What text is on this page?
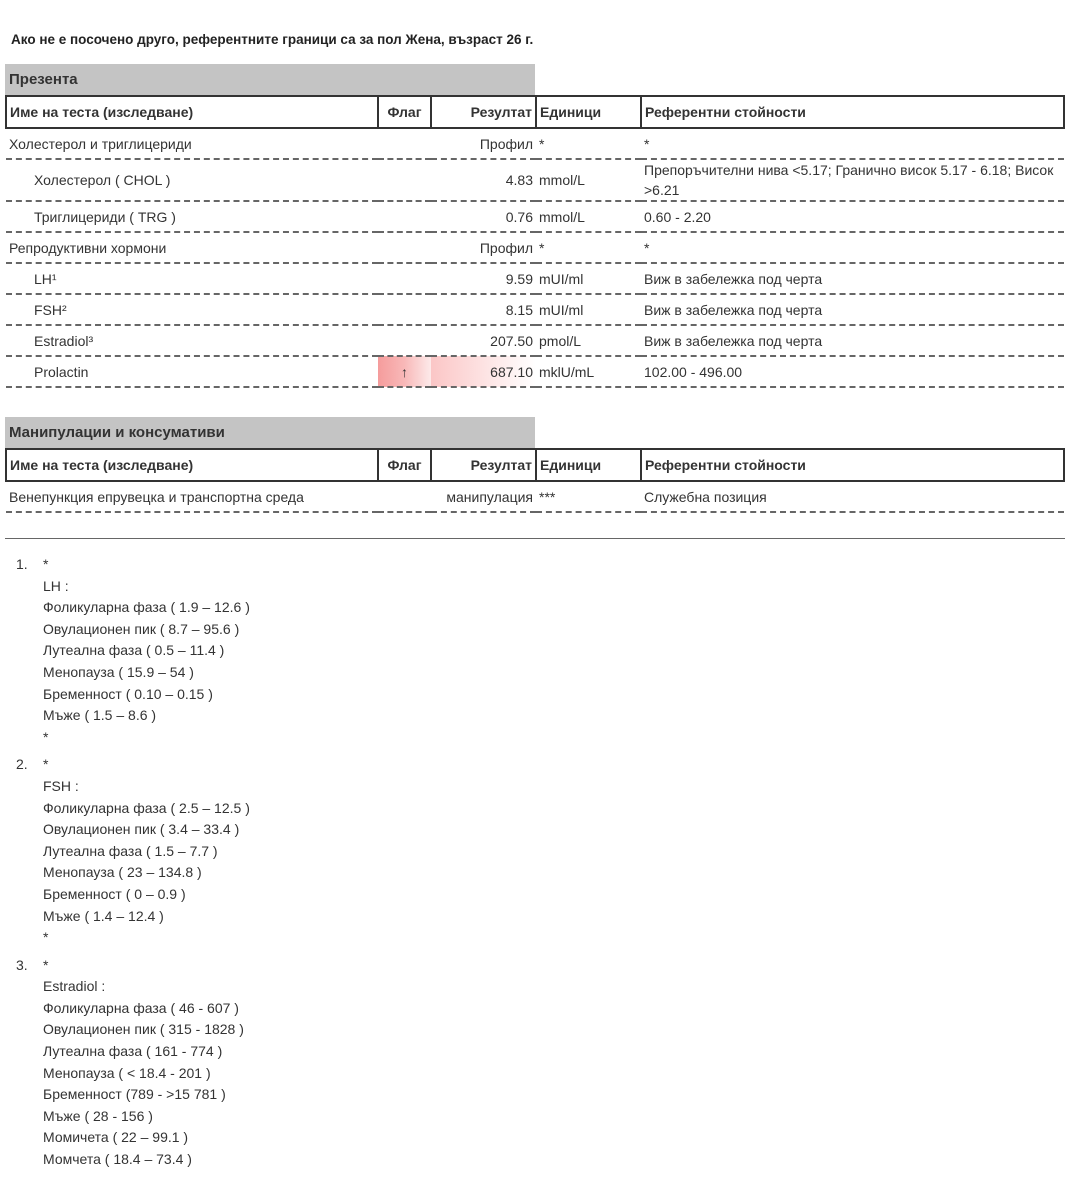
Ако не е посочено друго, референтните граници са за пол Жена, възраст 26 г.
Презента
Име на теста (изследване)	Флаг	Резултат	Единици	Референтни стойности
Холестерол и триглицериди		Профил	*	*
Холестерол ( CHOL )		4.83	mmol/L	Препоръчителни нива <5.17; Гранично висок 5.17 - 6.18; Висок >6.21
Триглицериди ( TRG )		0.76	mmol/L	0.60 - 2.20
Репродуктивни хормони		Профил	*	*
LH¹		9.59	mUI/ml	Виж в забележка под черта
FSH²		8.15	mUI/ml	Виж в забележка под черта
Estradiol³		207.50	pmol/L	Виж в забележка под черта
Prolactin	↑	687.10	mklU/mL	102.00 - 496.00
Манипулации и консумативи
Име на теста (изследване)	Флаг	Резултат	Единици	Референтни стойности
Венепункция епрувецка и транспортна среда		манипулация	***	Служебна позиция
1. *
LH :
Фоликуларна фаза ( 1.9 – 12.6 )
Овулационен пик ( 8.7 – 95.6 )
Лутеална фаза ( 0.5 – 11.4 )
Менопауза ( 15.9 – 54 )
Бременност ( 0.10 – 0.15 )
Мъже ( 1.5 – 8.6 )
*
2. *
FSH :
Фоликуларна фаза ( 2.5 – 12.5 )
Овулационен пик ( 3.4 – 33.4 )
Лутеална фаза ( 1.5 – 7.7 )
Менопауза ( 23 – 134.8 )
Бременност ( 0 – 0.9 )
Мъже ( 1.4 – 12.4 )
*
3. *
Estradiol :
Фоликуларна фаза ( 46 - 607 )
Овулационен пик ( 315 - 1828 )
Лутеална фаза ( 161 - 774 )
Менопауза ( < 18.4 - 201 )
Бременност (789 - >15 781 )
Мъже ( 28 - 156 )
Момичета ( 22 – 99.1 )
Момчета ( 18.4 – 73.4 )
